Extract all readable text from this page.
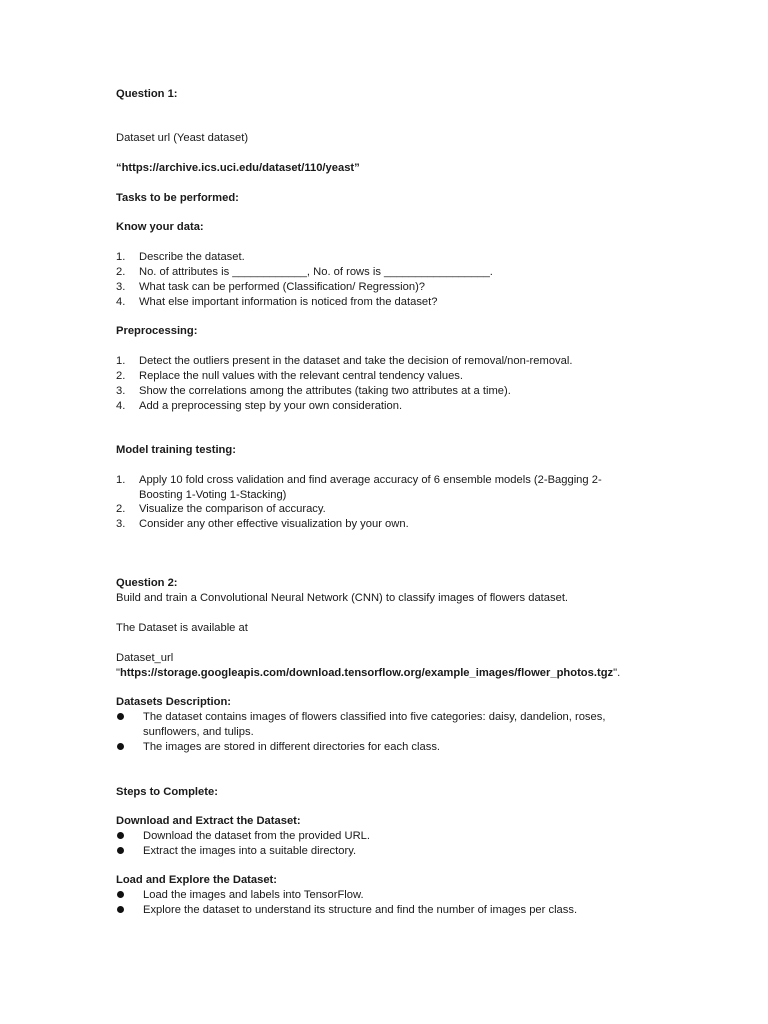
Question 1:
Dataset url (Yeast dataset)
“https://archive.ics.uci.edu/dataset/110/yeast”
Tasks to be performed:
Know your data:
1. Describe the dataset.
2. No. of attributes is ____________, No. of rows is _________________.
3. What task can be performed (Classification/ Regression)?
4. What else important information is noticed from the dataset?
Preprocessing:
1. Detect the outliers present in the dataset and take the decision of removal/non-removal.
2. Replace the null values with the relevant central tendency values.
3. Show the correlations among the attributes (taking two attributes at a time).
4. Add a preprocessing step by your own consideration.
Model training testing:
1. Apply 10 fold cross validation and find average accuracy of 6 ensemble models (2-Bagging 2-
Boosting 1-Voting 1-Stacking)
2. Visualize the comparison of accuracy.
3. Consider any other effective visualization by your own.
Question 2:
Build and train a Convolutional Neural Network (CNN) to classify images of flowers dataset.
The Dataset is available at
Dataset_url
"https://storage.googleapis.com/download.tensorflow.org/example_images/flower_photos.tgz".
Datasets Description:
The dataset contains images of flowers classified into five categories: daisy, dandelion, roses,
sunflowers, and tulips.
The images are stored in different directories for each class.
Steps to Complete:
Download and Extract the Dataset:
Download the dataset from the provided URL.
Extract the images into a suitable directory.
Load and Explore the Dataset:
Load the images and labels into TensorFlow.
Explore the dataset to understand its structure and find the number of images per class.
